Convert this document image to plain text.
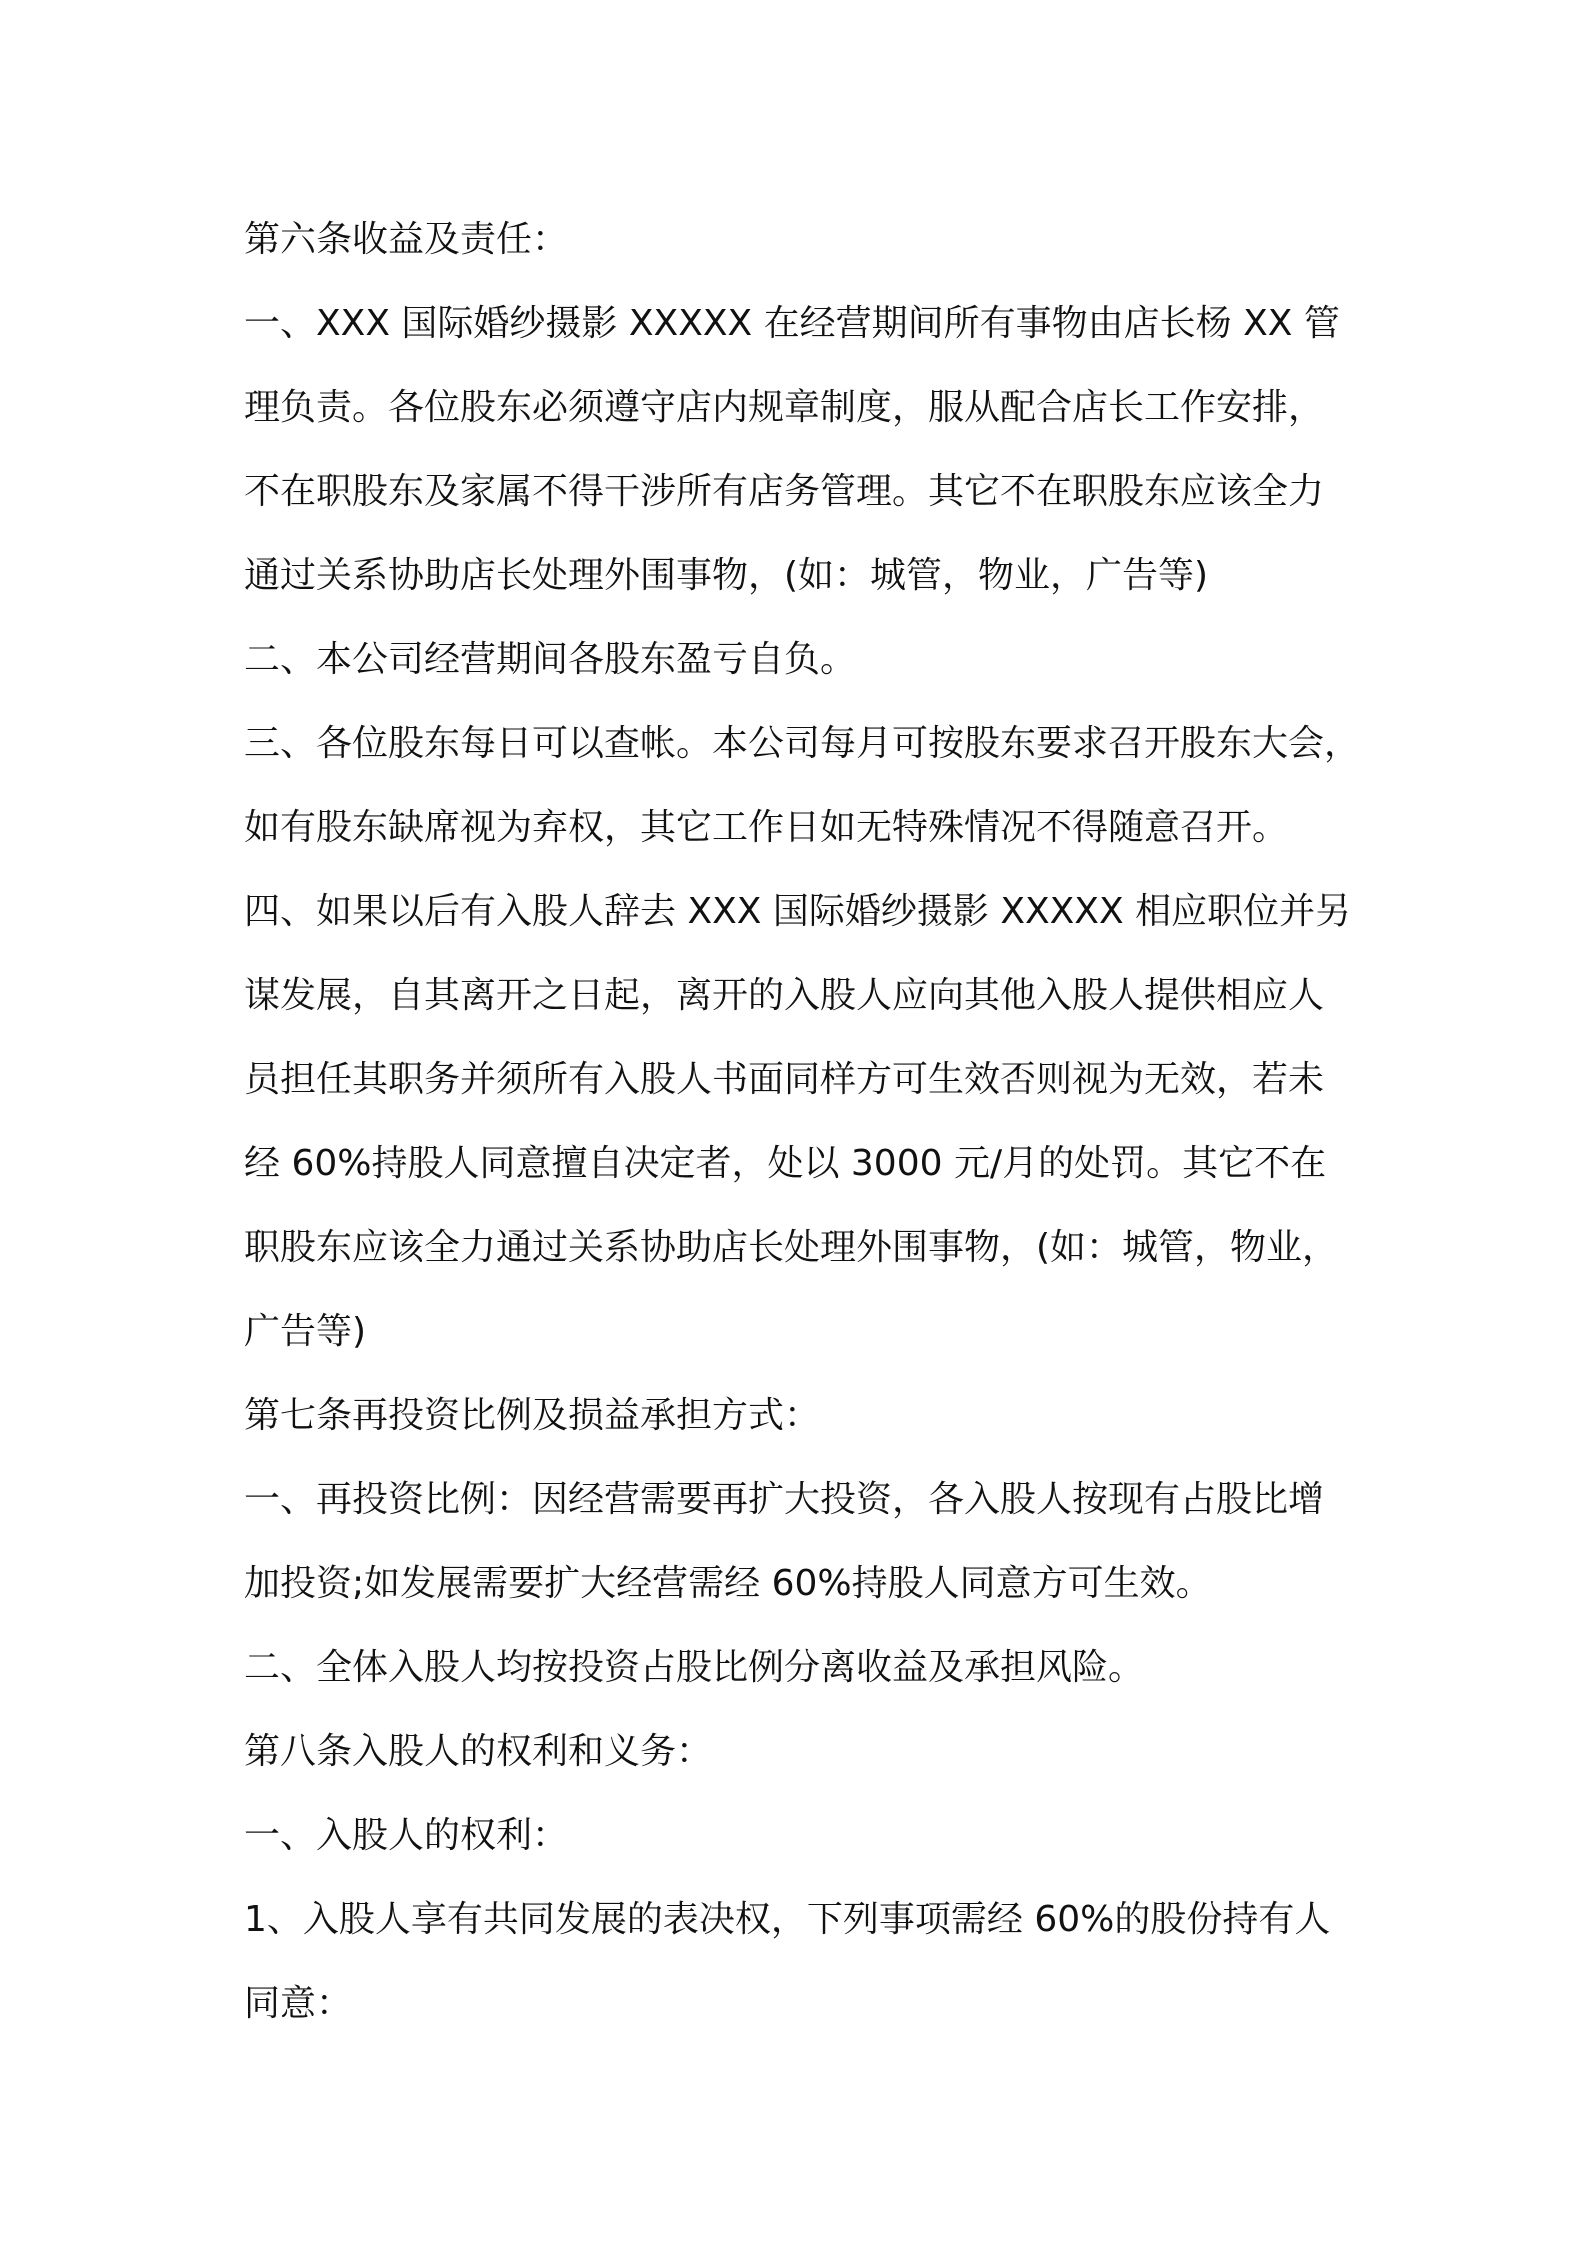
第六条收益及责任：

一、XXX 国际婚纱摄影 XXXXX 在经营期间所有事物由店长杨 XX 管

理负责。各位股东必须遵守店内规章制度，服从配合店长工作安排，

不在职股东及家属不得干涉所有店务管理。其它不在职股东应该全力

通过关系协助店长处理外围事物，(如：城管，物业，广告等)

二、本公司经营期间各股东盈亏自负。

三、各位股东每日可以查帐。本公司每月可按股东要求召开股东大会，

如有股东缺席视为弃权，其它工作日如无特殊情况不得随意召开。

四、如果以后有入股人辞去 XXX 国际婚纱摄影 XXXXX 相应职位并另

谋发展，自其离开之日起，离开的入股人应向其他入股人提供相应人

员担任其职务并须所有入股人书面同样方可生效否则视为无效，若未

经 60%持股人同意擅自决定者，处以 3000 元/月的处罚。其它不在

职股东应该全力通过关系协助店长处理外围事物，(如：城管，物业，

广告等)

第七条再投资比例及损益承担方式：

一、再投资比例：因经营需要再扩大投资，各入股人按现有占股比增

加投资;如发展需要扩大经营需经 60%持股人同意方可生效。

二、全体入股人均按投资占股比例分离收益及承担风险。

第八条入股人的权利和义务：

一、入股人的权利：

1、入股人享有共同发展的表决权，下列事项需经 60%的股份持有人

同意：
